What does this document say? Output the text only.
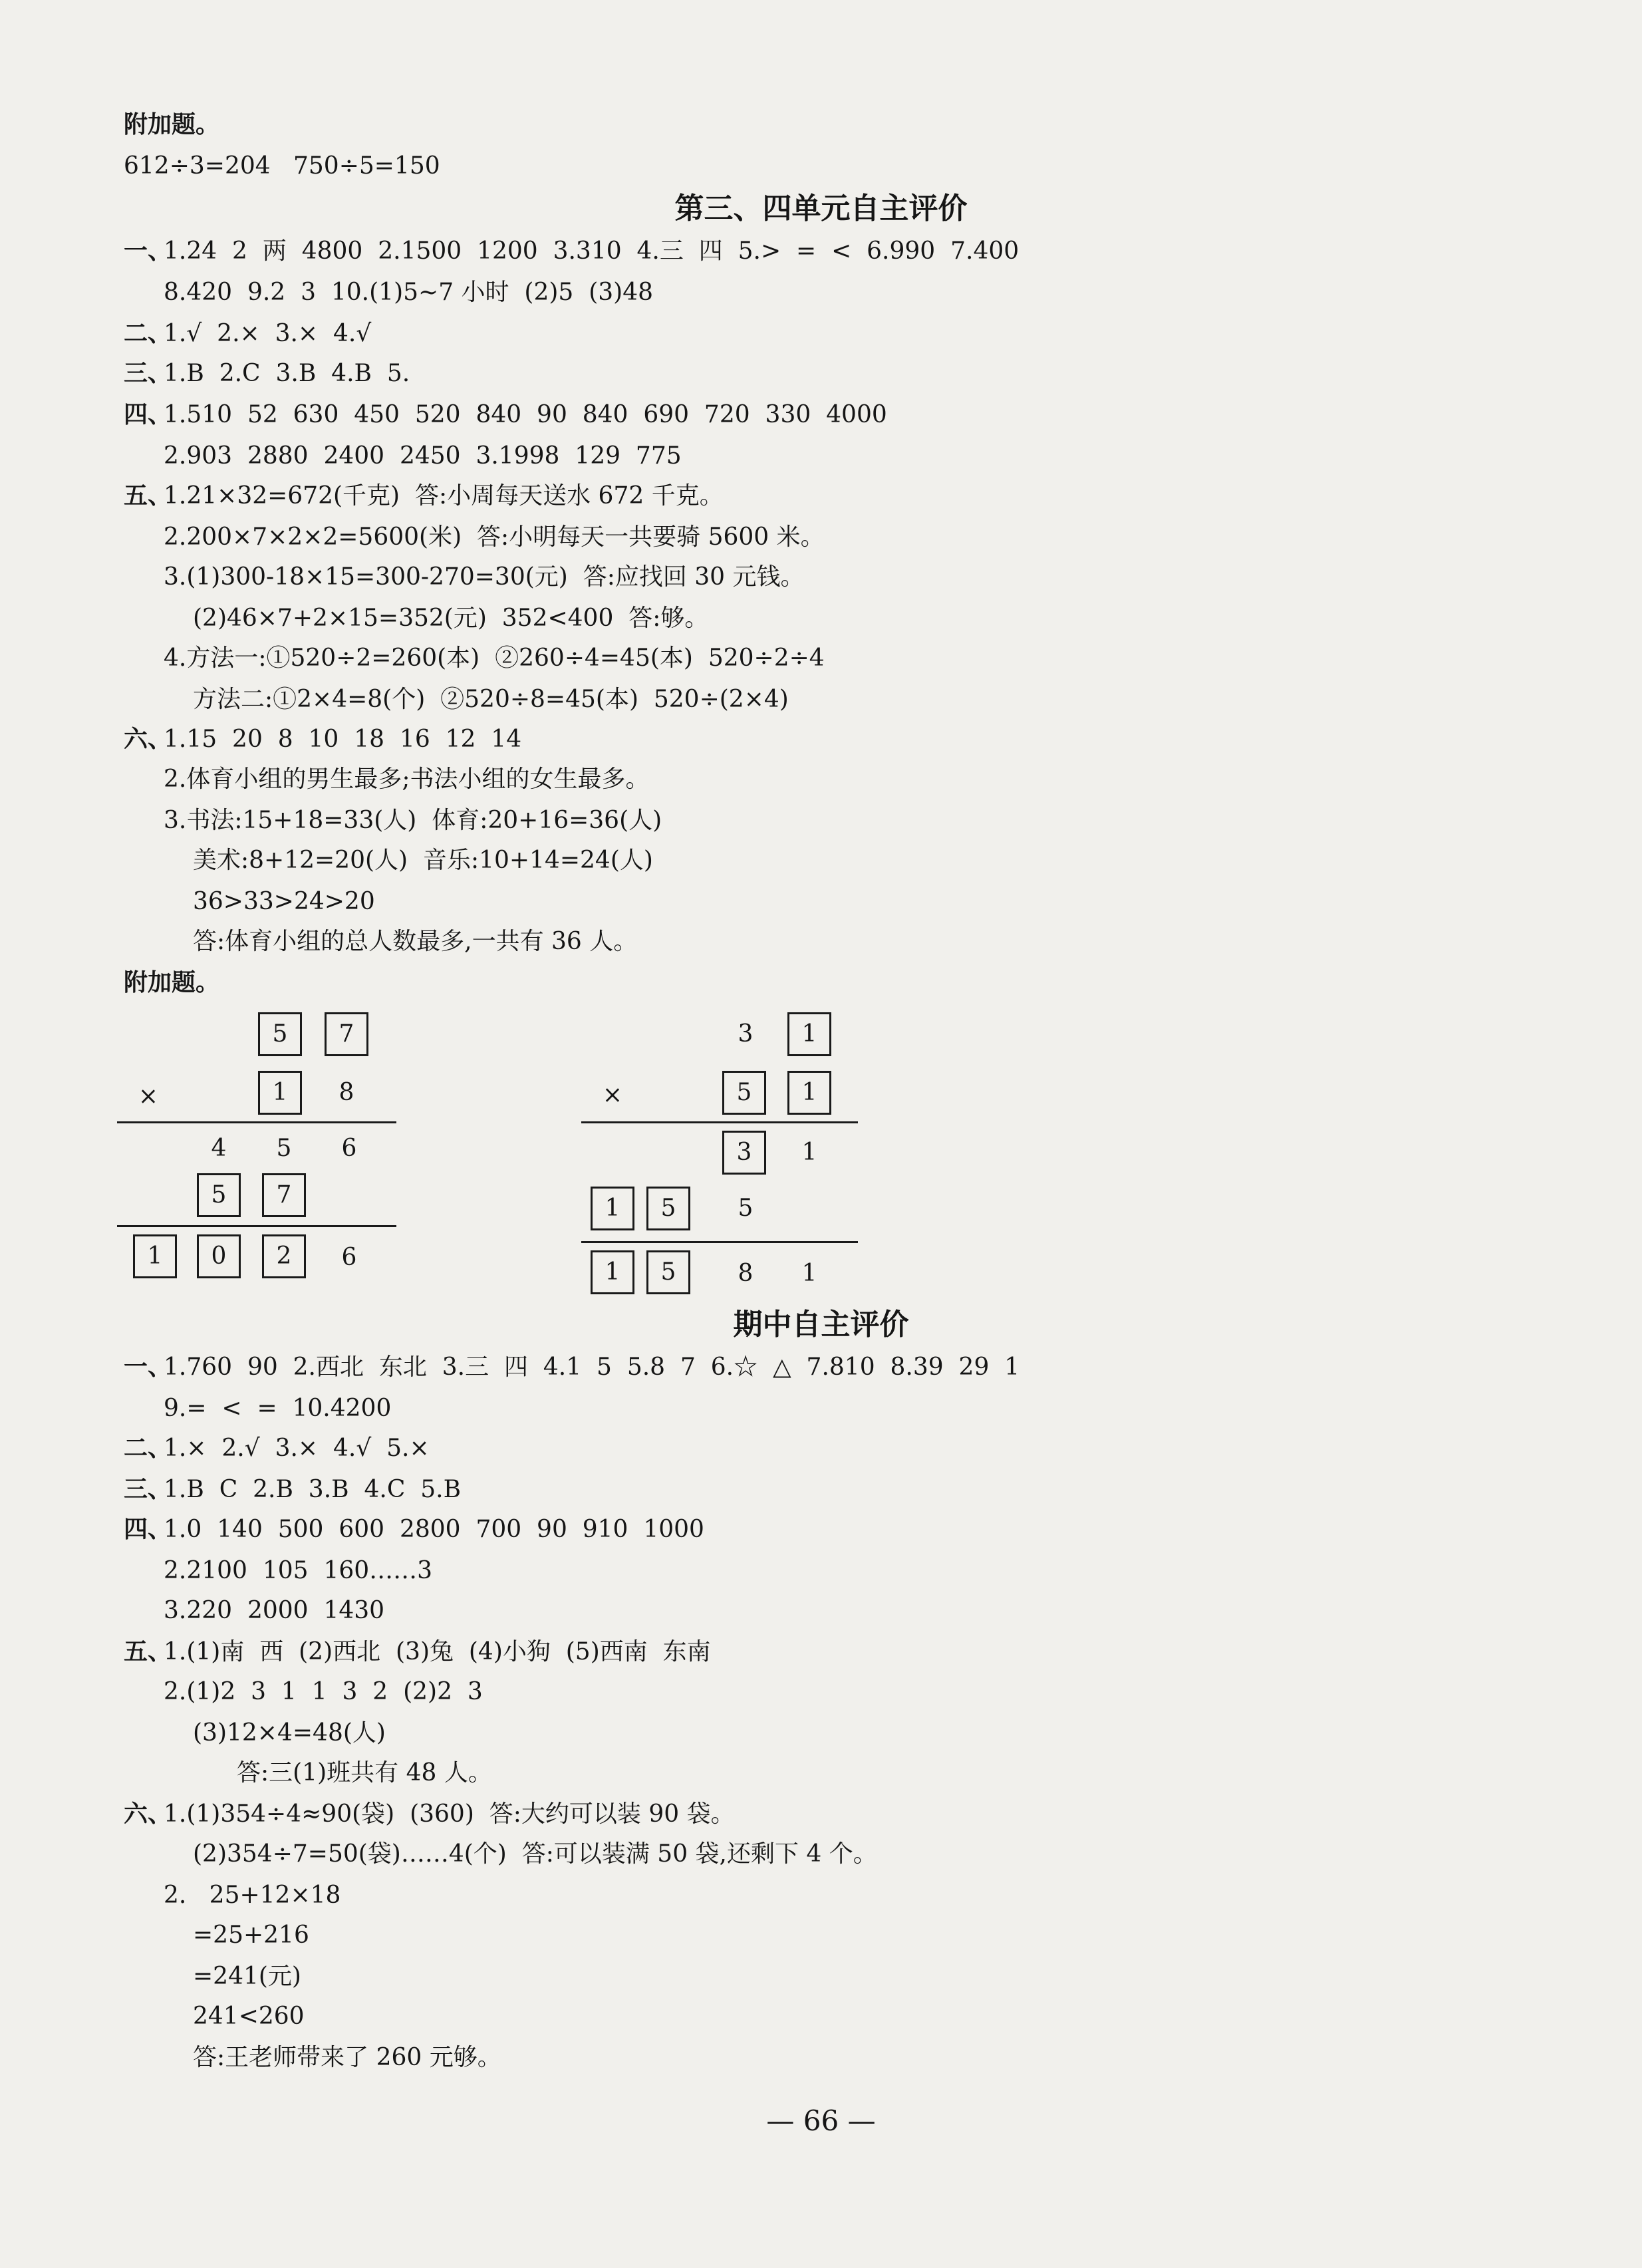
附加题。
612÷3=204   750÷5=150
第三、四单元自主评价
一、
1.24  2  两  4800  2.1500  1200  3.310  4.三  四  5.>  =  <  6.990  7.400
8.420  9.2  3  10.(1)5~7 小时  (2)5  (3)48
二、
1.√  2.×  3.×  4.√
三、
1.B  2.C  3.B  4.B  5.
四、
1.510  52  630  450  520  840  90  840  690  720  330  4000
2.903  2880  2400  2450  3.1998  129  775
五、
1.21×32=672(千克)  答:小周每天送水 672 千克。
2.200×7×2×2=5600(米)  答:小明每天一共要骑 5600 米。
3.(1)300-18×15=300-270=30(元)  答:应找回 30 元钱。
(2)46×7+2×15=352(元)  352<400  答:够。
4.方法一:①520÷2=260(本)  ②260÷4=45(本)  520÷2÷4
方法二:①2×4=8(个)  ②520÷8=45(本)  520÷(2×4)
六、
1.15  20  8  10  18  16  12  14
2.体育小组的男生最多;书法小组的女生最多。
3.书法:15+18=33(人)  体育:20+16=36(人)
美术:8+12=20(人)  音乐:10+14=24(人)
36>33>24>20
答:体育小组的总人数最多,一共有 36 人。
附加题。
5	7
×	1	8
4	5	6
5	7
1	0	2	6
3	1
×	5	1
3	1
1	5	5
1	5	8	1
期中自主评价
一、
1.760  90  2.西北  东北  3.三  四  4.1  5  5.8  7  6.☆  △  7.810  8.39  29  1
9.=  <  =  10.4200
二、
1.×  2.√  3.×  4.√  5.×
三、
1.B  C  2.B  3.B  4.C  5.B
四、
1.0  140  500  600  2800  700  90  910  1000
2.2100  105  160……3
3.220  2000  1430
五、
1.(1)南  西  (2)西北  (3)兔  (4)小狗  (5)西南  东南
2.(1)2  3  1  1  3  2  (2)2  3
(3)12×4=48(人)
答:三(1)班共有 48 人。
六、
1.(1)354÷4≈90(袋)  (360)  答:大约可以装 90 袋。
(2)354÷7=50(袋)……4(个)  答:可以装满 50 袋,还剩下 4 个。
2.   25+12×18
=25+216
=241(元)
241<260
答:王老师带来了 260 元够。
— 66 —
